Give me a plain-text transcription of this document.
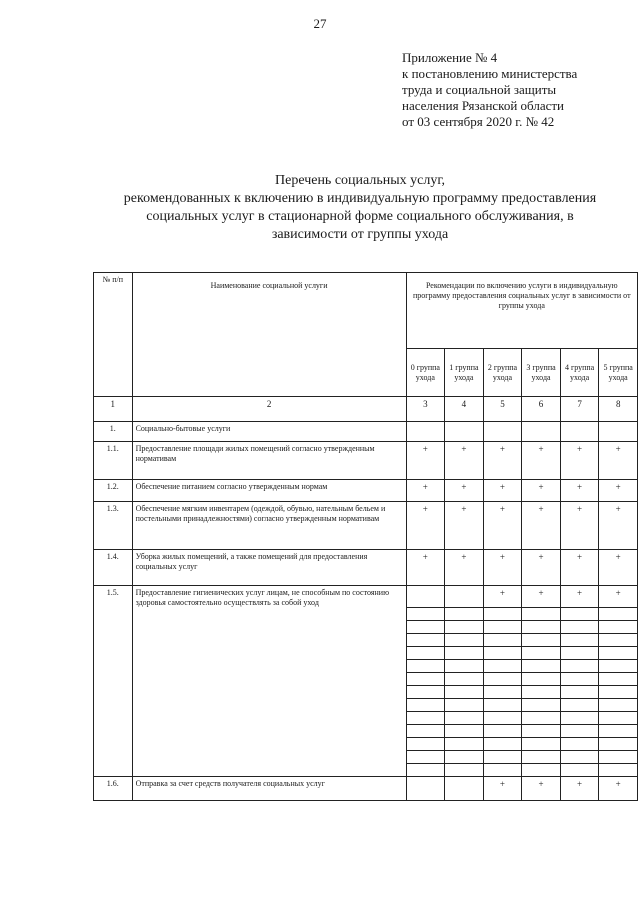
27
Приложение № 4
к постановлению министерства
труда и социальной защиты
населения Рязанской области
от 03 сентября 2020 г. № 42
Перечень социальных услуг,
рекомендованных к включению в индивидуальную программу предоставления
социальных услуг в стационарной форме социального обслуживания, в
зависимости от группы ухода
№ п/п	Наименование социальной услуги	Рекомендации по включению услуги в индивидуальную программу предоставления социальных услуг в зависимости от группы ухода					
		0 группа ухода	1 группа ухода	2 группа ухода	3 группа ухода	4 группа ухода	5 группа ухода
1	2	3	4	5	6	7	8
1.	Социально-бытовые услуги						
1.1.	Предоставление площади жилых помещений согласно утвержденным нормативам	+	+	+	+	+	+
1.2.	Обеспечение питанием согласно утвержденным нормам	+	+	+	+	+	+
1.3.	Обеспечение мягким инвентарем (одеждой, обувью, нательным бельем и постельными принадлежностями) согласно утвержденным нормативам	+	+	+	+	+	+
1.4.	Уборка жилых помещений, а также помещений для предоставления социальных услуг	+	+	+	+	+	+
1.5.	Предоставление гигиенических услуг лицам, не способным по состоянию здоровья самостоятельно осуществлять за собой уход			+	+	+	+

1.6.	Отправка за счет средств получателя социальных услуг			+	+	+	+
